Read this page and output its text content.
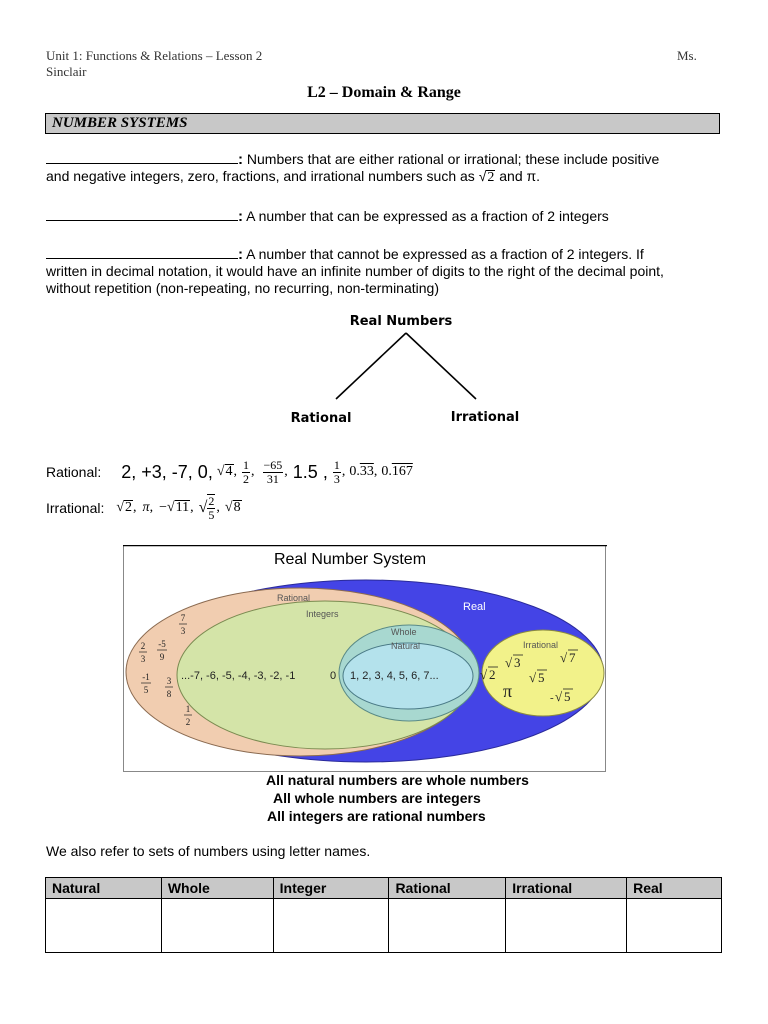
Unit 1: Functions & Relations – Lesson 2
Sinclair
Ms.
L2 – Domain & Range
NUMBER SYSTEMS
: Numbers that are either rational or irrational; these include positive
and negative integers, zero, fractions, and irrational numbers such as √2 and π.
: A number that can be expressed as a fraction of 2 integers
: A number that cannot be expressed as a fraction of 2 integers. If
written in decimal notation, it would have an infinite number of digits to the right of the decimal point,
without repetition (non-repeating, no recurring, non-terminating)
Real Numbers
Rational	Irrational
Rational: 2, +3, -7, 0, √4, $\frac{1}{2}$ , $\frac{-65}{31}$ , 1.5 , $\frac{1}{3}$ , 0.33, 0.167
Irrational: √2, π , −√11, √ $\frac{2}{5}$ , √8
Real Number System
Real
Rational
Integers
Whole
Natural	Irrational
7
3
2
3
-5
9
-1
5
3
8
1
2
...-7, -6, -5, -4, -3, -2, -1	0 1, 2, 3, 4, 5, 6, 7...	√ 2
√ 3	√ 7
√ 5
π	- √ 5
All natural numbers are whole numbers
All whole numbers are integers
All integers are rational numbers
We also refer to sets of numbers using letter names.
Natural	Whole	Integer	Rational	Irrational	Real
